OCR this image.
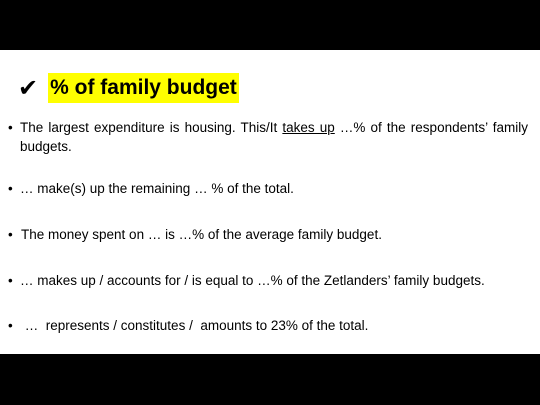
✔ % of family budget
• The largest expenditure is housing. This/It takes up …% of the respondents’ family budgets.
• … make(s) up the remaining … % of the total.
• The money spent on … is …% of the average family budget.
• … makes up / accounts for / is equal to …% of the Zetlanders’ family budgets.
• …  represents / constitutes /  amounts to 23% of the total.
